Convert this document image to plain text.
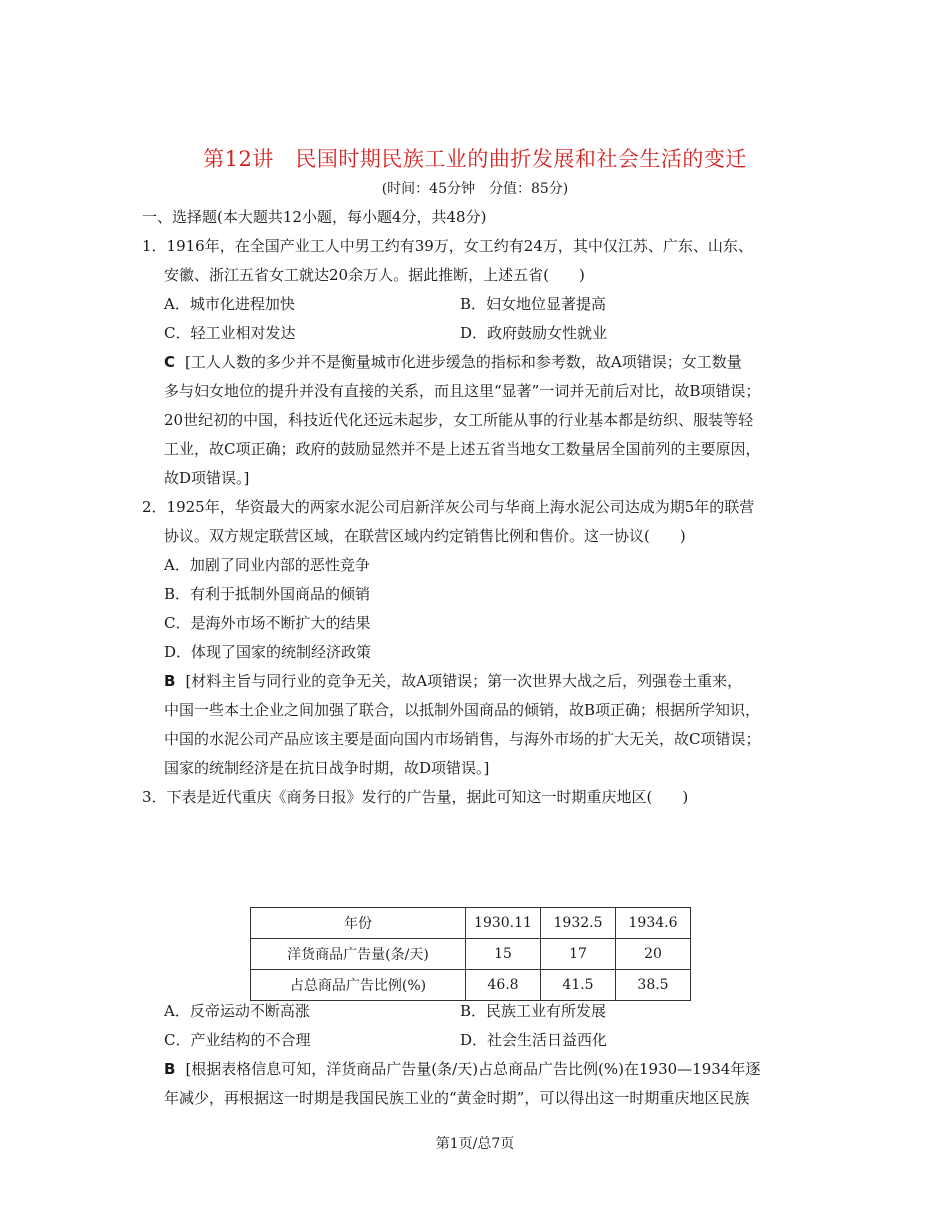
第12讲　民国时期民族工业的曲折发展和社会生活的变迁
(时间：45分钟　分值：85分)
一、选择题(本大题共12小题，每小题4分，共48分)
1．1916年，在全国产业工人中男工约有39万，女工约有24万，其中仅江苏、广东、山东、
安徽、浙江五省女工就达20余万人。据此推断，上述五省(　　)
A．城市化进程加快	B．妇女地位显著提高
C．轻工业相对发达	D．政府鼓励女性就业
C [工人人数的多少并不是衡量城市化进步缓急的指标和参考数，故A项错误；女工数量
多与妇女地位的提升并没有直接的关系，而且这里“显著”一词并无前后对比，故B项错误；
20世纪初的中国，科技近代化还远未起步，女工所能从事的行业基本都是纺织、服装等轻
工业，故C项正确；政府的鼓励显然并不是上述五省当地女工数量居全国前列的主要原因，
故D项错误。]
2．1925年，华资最大的两家水泥公司启新洋灰公司与华商上海水泥公司达成为期5年的联营
协议。双方规定联营区域，在联营区域内约定销售比例和售价。这一协议(　　)
A．加剧了同业内部的恶性竞争
B．有利于抵制外国商品的倾销
C．是海外市场不断扩大的结果
D．体现了国家的统制经济政策
B [材料主旨与同行业的竞争无关，故A项错误；第一次世界大战之后，列强卷土重来，
中国一些本土企业之间加强了联合，以抵制外国商品的倾销，故B项正确；根据所学知识，
中国的水泥公司产品应该主要是面向国内市场销售，与海外市场的扩大无关，故C项错误；
国家的统制经济是在抗日战争时期，故D项错误。]
3．下表是近代重庆《商务日报》发行的广告量，据此可知这一时期重庆地区(　　)
年份	1930.11	1932.5	1934.6
洋货商品广告量(条/天)	15	17	20
占总商品广告比例(%)	46.8	41.5	38.5
A．反帝运动不断高涨	B．民族工业有所发展
C．产业结构的不合理	D．社会生活日益西化
B [根据表格信息可知，洋货商品广告量(条/天)占总商品广告比例(%)在1930—1934年逐
年减少，再根据这一时期是我国民族工业的“黄金时期”，可以得出这一时期重庆地区民族
第1页/总7页
